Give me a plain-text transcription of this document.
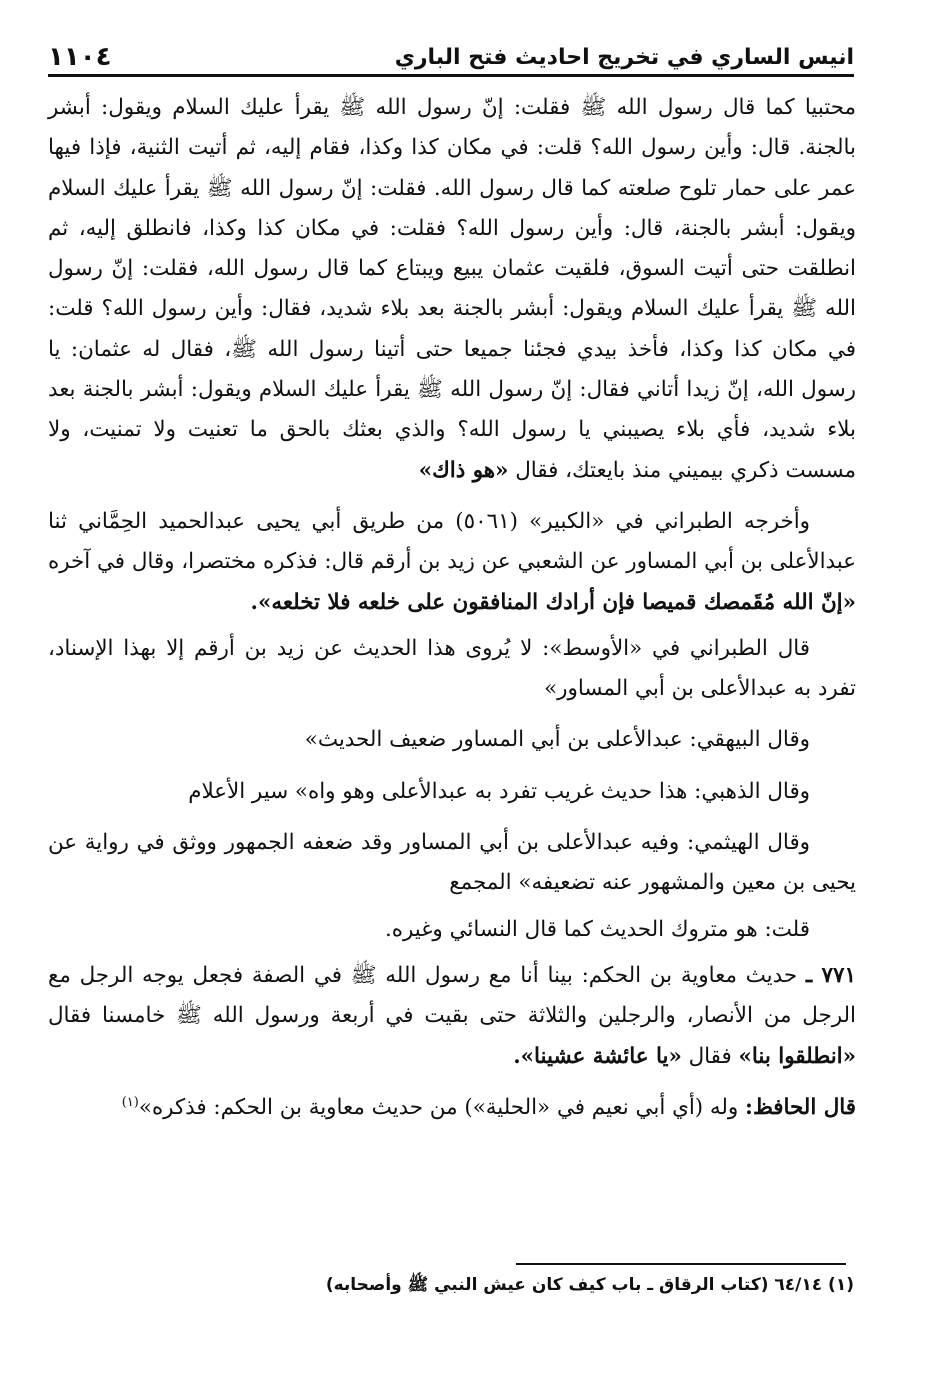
انيس الساري في تخريج احاديث فتح الباري
١١٠٤

محتبيا كما قال رسول الله ﷺ فقلت: إنّ رسول الله ﷺ يقرأ عليك السلام ويقول: أبشر بالجنة. قال: وأين رسول الله؟ قلت: في مكان كذا وكذا، فقام إليه، ثم أتيت الثنية، فإذا فيها عمر على حمار تلوح صلعته كما قال رسول الله. فقلت: إنّ رسول الله ﷺ يقرأ عليك السلام ويقول: أبشر بالجنة، قال: وأين رسول الله؟ فقلت: في مكان كذا وكذا، فانطلق إليه، ثم انطلقت حتى أتيت السوق، فلقيت عثمان يبيع ويبتاع كما قال رسول الله، فقلت: إنّ رسول الله ﷺ يقرأ عليك السلام ويقول: أبشر بالجنة بعد بلاء شديد، فقال: وأين رسول الله؟ قلت: في مكان كذا وكذا، فأخذ بيدي فجئنا جميعا حتى أتينا رسول الله ﷺ، فقال له عثمان: يا رسول الله، إنّ زيدا أتاني فقال: إنّ رسول الله ﷺ يقرأ عليك السلام ويقول: أبشر بالجنة بعد بلاء شديد، فأي بلاء يصيبني يا رسول الله؟ والذي بعثك بالحق ما تعنيت ولا تمنيت، ولا مسست ذكري بيميني منذ بايعتك، فقال «هو ذاك»

وأخرجه الطبراني في «الكبير» (٥٠٦١) من طريق أبي يحيى عبدالحميد الحِمَّاني ثنا عبدالأعلى بن أبي المساور عن الشعبي عن زيد بن أرقم قال: فذكره مختصرا، وقال في آخره «إنّ الله مُقَمصك قميصا فإن أرادك المنافقون على خلعه فلا تخلعه».

قال الطبراني في «الأوسط»: لا يُروى هذا الحديث عن زيد بن أرقم إلا بهذا الإسناد، تفرد به عبدالأعلى بن أبي المساور»

وقال البيهقي: عبدالأعلى بن أبي المساور ضعيف الحديث»

وقال الذهبي: هذا حديث غريب تفرد به عبدالأعلى وهو واه» سير الأعلام

وقال الهيثمي: وفيه عبدالأعلى بن أبي المساور وقد ضعفه الجمهور ووثق في رواية عن يحيى بن معين والمشهور عنه تضعيفه» المجمع

قلت: هو متروك الحديث كما قال النسائي وغيره.

٧٧١ ـ حديث معاوية بن الحكم: بينا أنا مع رسول الله ﷺ في الصفة فجعل يوجه الرجل مع الرجل من الأنصار، والرجلين والثلاثة حتى بقيت في أربعة ورسول الله ﷺ خامسنا فقال «انطلقوا بنا» فقال «يا عائشة عشينا».

قال الحافظ: وله (أي أبي نعيم في «الحلية») من حديث معاوية بن الحكم: فذكره»$^{(١)}$

(١) ٦٤/١٤ (كتاب الرقاق ـ باب كيف كان عيش النبي ﷺ وأصحابه)
